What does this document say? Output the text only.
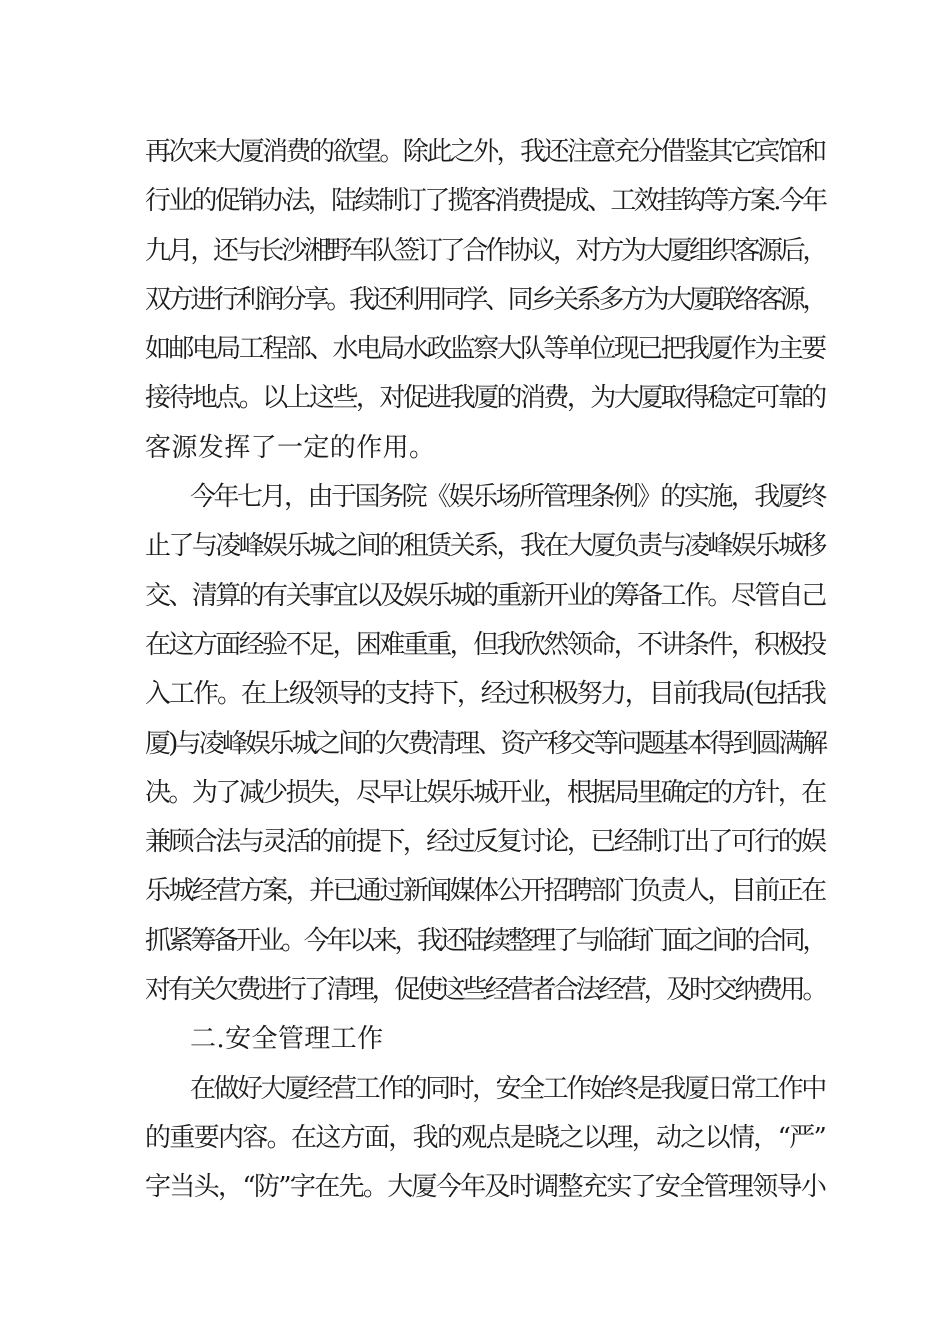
再次来大厦消费的欲望。除此之外，我还注意充分借鉴其它宾馆和
行业的促销办法，陆续制订了揽客消费提成、工效挂钩等方案.今年
九月，还与长沙湘野车队签订了合作协议，对方为大厦组织客源后，
双方进行利润分享。我还利用同学、同乡关系多方为大厦联络客源，
如邮电局工程部、水电局水政监察大队等单位现已把我厦作为主要
接待地点。以上这些，对促进我厦的消费，为大厦取得稳定可靠的
客源发挥了一定的作用。
今年七月，由于国务院《娱乐场所管理条例》的实施，我厦终
止了与凌峰娱乐城之间的租赁关系，我在大厦负责与凌峰娱乐城移
交、清算的有关事宜以及娱乐城的重新开业的筹备工作。尽管自己
在这方面经验不足，困难重重，但我欣然领命，不讲条件，积极投
入工作。在上级领导的支持下，经过积极努力，目前我局(包括我
厦)与凌峰娱乐城之间的欠费清理、资产移交等问题基本得到圆满解
决。为了减少损失，尽早让娱乐城开业，根据局里确定的方针，在
兼顾合法与灵活的前提下，经过反复讨论，已经制订出了可行的娱
乐城经营方案，并已通过新闻媒体公开招聘部门负责人，目前正在
抓紧筹备开业。今年以来，我还陆续整理了与临街门面之间的合同，
对有关欠费进行了清理，促使这些经营者合法经营，及时交纳费用。
二.安全管理工作
在做好大厦经营工作的同时，安全工作始终是我厦日常工作中
的重要内容。在这方面，我的观点是晓之以理，动之以情，“严”
字当头，“防”字在先。大厦今年及时调整充实了安全管理领导小
